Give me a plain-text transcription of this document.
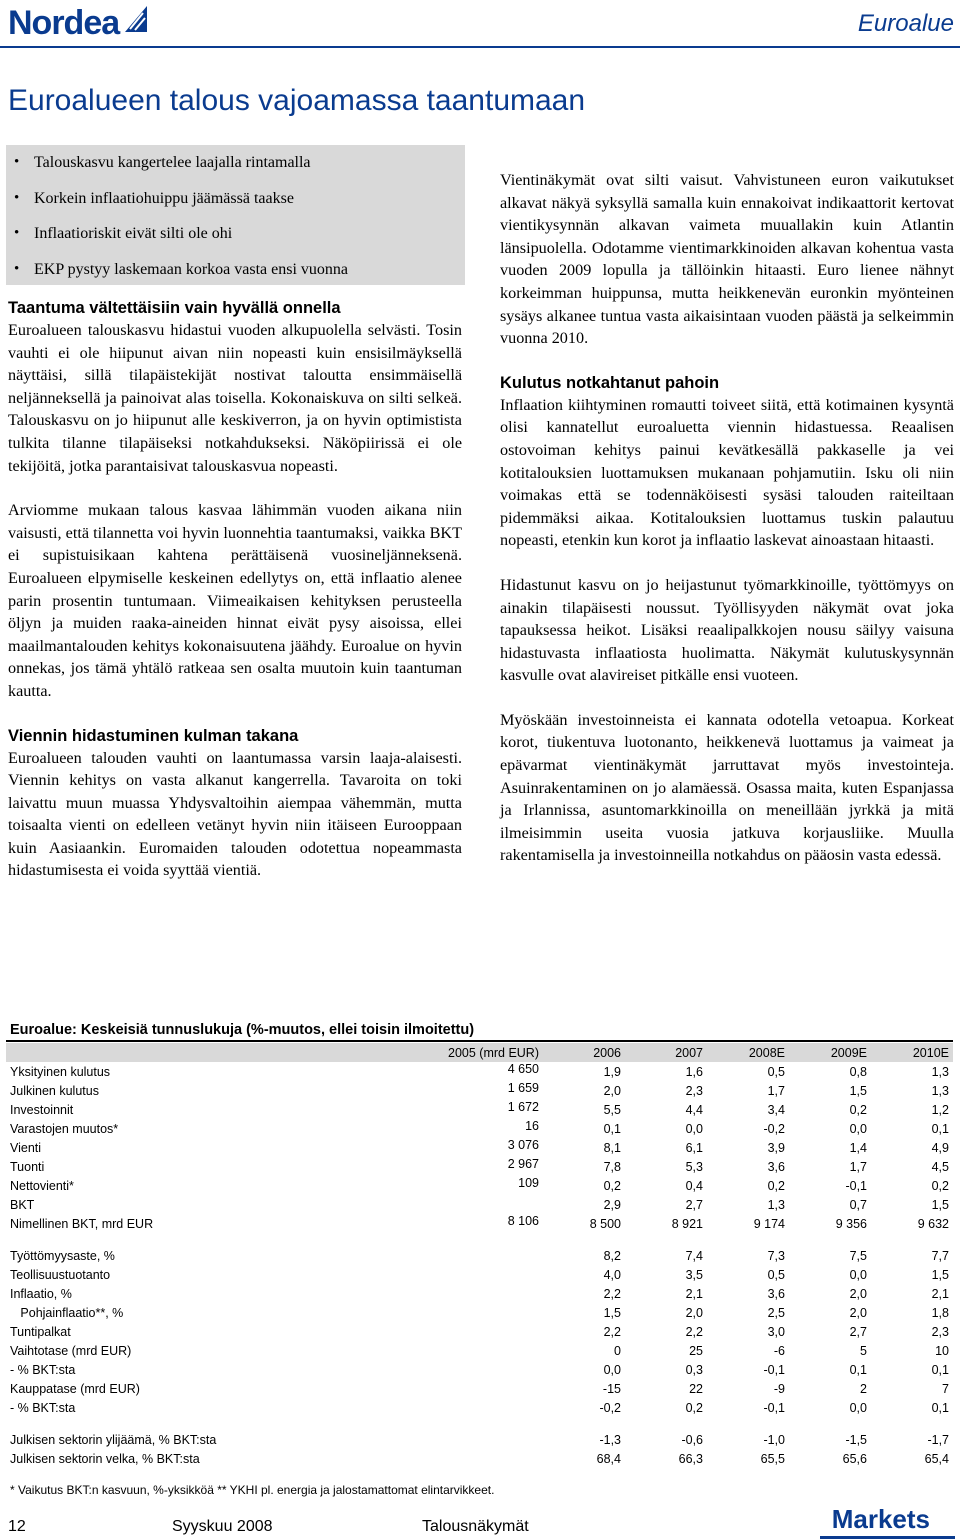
Nordea	Euroalue
Euroalueen talous vajoamassa taantumaan
• Talouskasvu kangertelee laajalla rintamalla
• Korkein inflaatiohuippu jäämässä taakse
• Inflaatioriskit eivät silti ole ohi
• EKP pystyy laskemaan korkoa vasta ensi vuonna
Taantuma vältettäisiin vain hyvällä onnella

Euroalueen talouskasvu hidastui vuoden alkupuolella selvästi. Tosin vauhti ei ole hiipunut aivan niin nopeasti kuin ensisilmäyksellä näyttäisi, sillä tilapäistekijät nostivat taloutta ensimmäisellä neljänneksellä ja painoivat alas toisella. Kokonaiskuva on silti selkeä. Talouskasvu on jo hiipunut alle keskiverron, ja on hyvin optimistista tulkita tilanne tilapäiseksi notkahdukseksi. Näköpiirissä ei ole tekijöitä, jotka parantaisivat talouskasvua nopeasti.

Arviomme mukaan talous kasvaa lähimmän vuoden aikana niin vaisusti, että tilannetta voi hyvin luonnehtia taantumaksi, vaikka BKT ei supistuisikaan kahtena perättäisenä vuosineljänneksenä. Euroalueen elpymiselle keskeinen edellytys on, että inflaatio alenee parin prosentin tuntumaan. Viimeaikaisen kehityksen perusteella öljyn ja muiden raaka-aineiden hinnat eivät pysy aisoissa, ellei maailmantalouden kehitys kokonaisuutena jäähdy. Euroalue on hyvin onnekas, jos tämä yhtälö ratkeaa sen osalta muutoin kuin taantuman kautta.

Viennin hidastuminen kulman takana

Euroalueen talouden vauhti on laantumassa varsin laaja-alaisesti. Viennin kehitys on vasta alkanut kangerrella. Tavaroita on toki laivattu muun muassa Yhdysvaltoihin aiempaa vähemmän, mutta toisaalta vienti on edelleen vetänyt hyvin niin itäiseen Eurooppaan kuin Aasiaankin. Euromaiden talouden odotettua nopeammasta hidastumisesta ei voida syyttää vientiä.

Vientinäkymät ovat silti vaisut. Vahvistuneen euron vaikutukset alkavat näkyä syksyllä samalla kuin ennakoivat indikaattorit kertovat vientikysynnän alkavan vaimeta muuallakin kuin Atlantin länsipuolella. Odotamme vientimarkkinoiden alkavan kohentua vasta vuoden 2009 lopulla ja tällöinkin hitaasti. Euro lienee nähnyt korkeimman huippunsa, mutta heikkenevän euronkin myönteinen sysäys alkanee tuntua vasta aikaisintaan vuoden päästä ja selkeimmin vuonna 2010.

Kulutus notkahtanut pahoin

Inflaation kiihtyminen romautti toiveet siitä, että kotimainen kysyntä olisi kannatellut euroaluetta viennin hidastuessa. Reaalisen ostovoiman kehitys painui kevätkesällä pakkaselle ja vei kotitalouksien luottamuksen mukanaan pohjamutiin. Isku oli niin voimakas että se todennäköisesti sysäsi talouden raiteiltaan pidemmäksi aikaa. Kotitalouksien luottamus tuskin palautuu nopeasti, etenkin kun korot ja inflaatio laskevat ainoastaan hitaasti.

Hidastunut kasvu on jo heijastunut työmarkkinoille, työttömyys on ainakin tilapäisesti noussut. Työllisyyden näkymät ovat joka tapauksessa heikot. Lisäksi reaalipalkkojen nousu säilyy vaisuna hidastuvasta inflaatiosta huolimatta. Näkymät kulutuskysynnän kasvulle ovat alavireiset pitkälle ensi vuoteen.

Myöskään investoinneista ei kannata odotella vetoapua. Korkeat korot, tiukentuva luotonanto, heikkenevä luottamus ja vaimeat ja epävarmat vientinäkymät jarruttavat myös investointeja. Asuinrakentaminen on jo alamäessä. Osassa maita, kuten Espanjassa ja Irlannissa, asuntomarkkinoilla on meneillään jyrkkä ja mitä ilmeisimmin useita vuosia jatkuva korjausliike. Muulla rakentamisella ja investoinneilla notkahdus on pääosin vasta edessä.

Euroalue: Keskeisiä tunnuslukuja (%-muutos, ellei toisin ilmoitettu)
	2005 (mrd EUR)	2006	2007	2008E	2009E	2010E
Yksityinen kulutus	4 650	1,9	1,6	0,5	0,8	1,3
Julkinen kulutus	1 659	2,0	2,3	1,7	1,5	1,3
Investoinnit	1 672	5,5	4,4	3,4	0,2	1,2
Varastojen muutos*	16	0,1	0,0	-0,2	0,0	0,1
Vienti	3 076	8,1	6,1	3,9	1,4	4,9
Tuonti	2 967	7,8	5,3	3,6	1,7	4,5
Nettovienti*	109	0,2	0,4	0,2	-0,1	0,2
BKT		2,9	2,7	1,3	0,7	1,5
Nimellinen BKT, mrd EUR	8 106	8 500	8 921	9 174	9 356	9 632

Työttömyysaste, %		8,2	7,4	7,3	7,5	7,7
Teollisuustuotanto		4,0	3,5	0,5	0,0	1,5
Inflaatio, %		2,2	2,1	3,6	2,0	2,1
Pohjainflaatio**, %		1,5	2,0	2,5	2,0	1,8
Tuntipalkat		2,2	2,2	3,0	2,7	2,3
Vaihtotase (mrd EUR)		0	25	-6	5	10
- % BKT:sta		0,0	0,3	-0,1	0,1	0,1
Kauppatase (mrd EUR)		-15	22	-9	2	7
- % BKT:sta		-0,2	0,2	-0,1	0,0	0,1

Julkisen sektorin ylijäämä, % BKT:sta		-1,3	-0,6	-1,0	-1,5	-1,7
Julkisen sektorin velka, % BKT:sta		68,4	66,3	65,5	65,6	65,4
* Vaikutus BKT:n kasvuun, %-yksikköä ** YKHI pl. energia ja jalostamattomat elintarvikkeet.
12	Syyskuu 2008	Talousnäkymät	Markets
